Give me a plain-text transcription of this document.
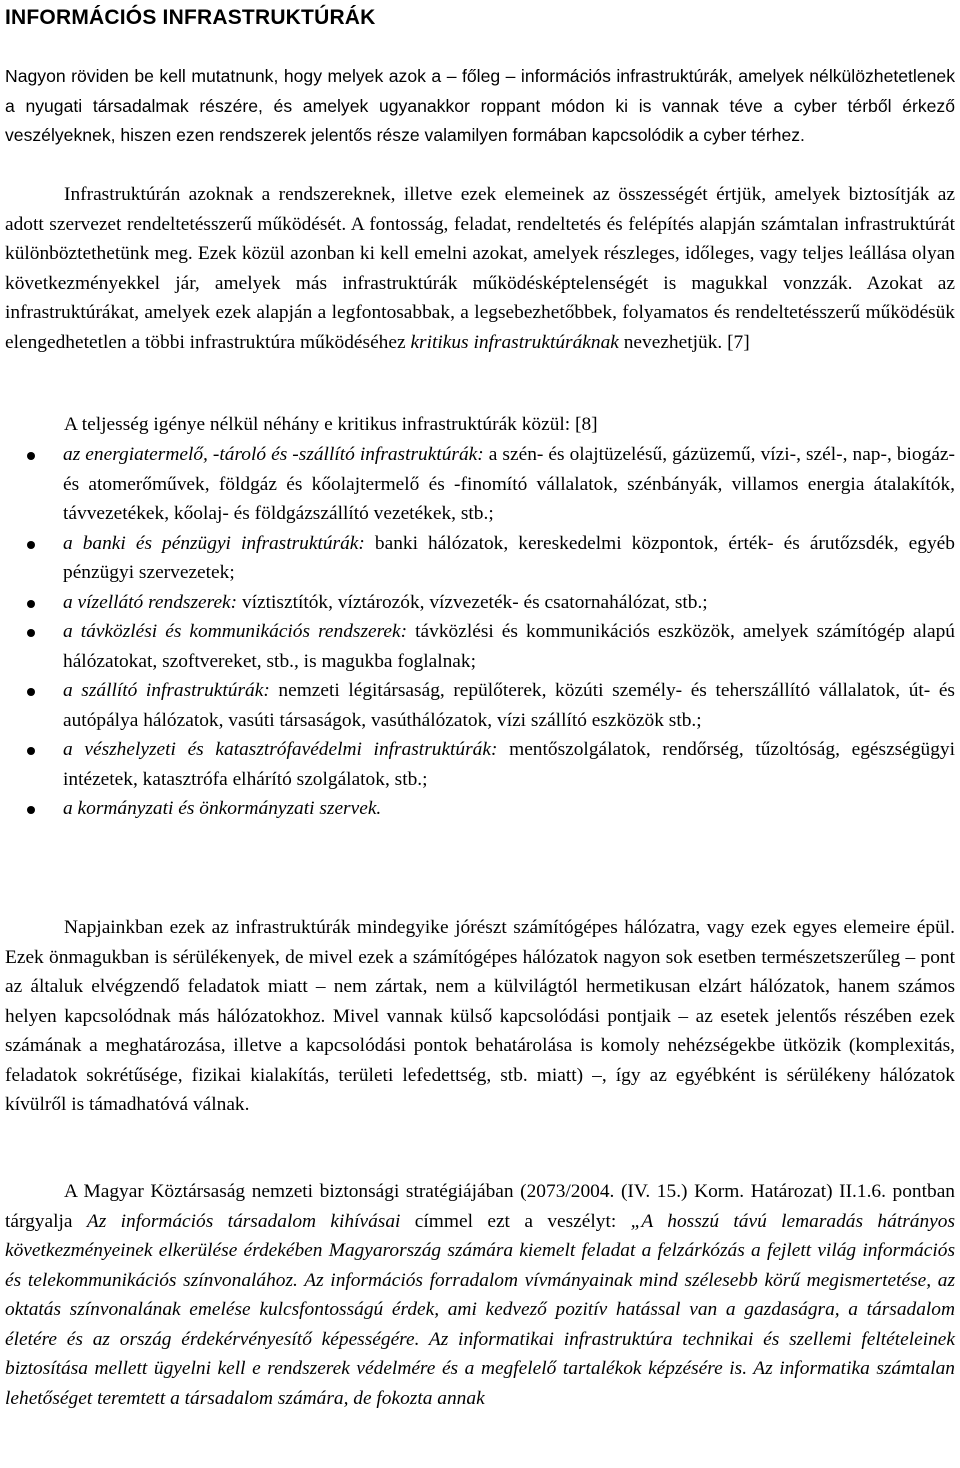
INFORMÁCIÓS INFRASTRUKTÚRÁK

Nagyon röviden be kell mutatnunk, hogy melyek azok a – főleg – információs infrastruktúrák, amelyek nélkülözhetetlenek a nyugati társadalmak részére, és amelyek ugyanakkor roppant módon ki is vannak téve a cyber térből érkező veszélyeknek, hiszen ezen rendszerek jelentős része valamilyen formában kapcsolódik a cyber térhez.

Infrastruktúrán azoknak a rendszereknek, illetve ezek elemeinek az összességét értjük, amelyek biztosítják az adott szervezet rendeltetésszerű működését. A fontosság, feladat, rendeltetés és felépítés alapján számtalan infrastruktúrát különböztethetünk meg. Ezek közül azonban ki kell emelni azokat, amelyek részleges, időleges, vagy teljes leállása olyan következményekkel jár, amelyek más infrastruktúrák működésképtelenségét is magukkal vonzzák. Azokat az infrastruktúrákat, amelyek ezek alapján a legfontosabbak, a legsebezhetőbbek, folyamatos és rendeltetésszerű működésük elengedhetetlen a többi infrastruktúra működéséhez kritikus infrastruktúráknak nevezhetjük. [7]

A teljesség igénye nélkül néhány e kritikus infrastruktúrák közül: [8]

az energiatermelő, -tároló és -szállító infrastruktúrák: a szén- és olajtüzelésű, gázüzemű, vízi-, szél-, nap-, biogáz- és atomerőművek, földgáz és kőolajtermelő és -finomító vállalatok, szénbányák, villamos energia átalakítók, távvezetékek, kőolaj- és földgázszállító vezetékek, stb.;
a banki és pénzügyi infrastruktúrák: banki hálózatok, kereskedelmi központok, érték- és árutőzsdék, egyéb pénzügyi szervezetek;
a vízellátó rendszerek: víztisztítók, víztározók, vízvezeték- és csatornahálózat, stb.;
a távközlési és kommunikációs rendszerek: távközlési és kommunikációs eszközök, amelyek számítógép alapú hálózatokat, szoftvereket, stb., is magukba foglalnak;
a szállító infrastruktúrák: nemzeti légitársaság, repülőterek, közúti személy- és teherszállító vállalatok, út- és autópálya hálózatok, vasúti társaságok, vasúthálózatok, vízi szállító eszközök stb.;
a vészhelyzeti és katasztrófavédelmi infrastruktúrák: mentőszolgálatok, rendőrség, tűzoltóság, egészségügyi intézetek, katasztrófa elhárító szolgálatok, stb.;
a kormányzati és önkormányzati szervek.

Napjainkban ezek az infrastruktúrák mindegyike jórészt számítógépes hálózatra, vagy ezek egyes elemeire épül. Ezek önmagukban is sérülékenyek, de mivel ezek a számítógépes hálózatok nagyon sok esetben természetszerűleg – pont az általuk elvégzendő feladatok miatt – nem zártak, nem a külvilágtól hermetikusan elzárt hálózatok, hanem számos helyen kapcsolódnak más hálózatokhoz. Mivel vannak külső kapcsolódási pontjaik – az esetek jelentős részében ezek számának a meghatározása, illetve a kapcsolódási pontok behatárolása is komoly nehézségekbe ütközik (komplexitás, feladatok sokrétűsége, fizikai kialakítás, területi lefedettség, stb. miatt) –, így az egyébként is sérülékeny hálózatok kívülről is támadhatóvá válnak.

A Magyar Köztársaság nemzeti biztonsági stratégiájában (2073/2004. (IV. 15.) Korm. Határozat) II.1.6. pontban tárgyalja Az információs társadalom kihívásai címmel ezt a veszélyt: „A hosszú távú lemaradás hátrányos következményeinek elkerülése érdekében Magyarország számára kiemelt feladat a felzárkózás a fejlett világ információs és telekommunikációs színvonalához. Az információs forradalom vívmányainak mind szélesebb körű megismertetése, az oktatás színvonalának emelése kulcsfontosságú érdek, ami kedvező pozitív hatással van a gazdaságra, a társadalom életére és az ország érdekérvényesítő képességére. Az informatikai infrastruktúra technikai és szellemi feltételeinek biztosítása mellett ügyelni kell e rendszerek védelmére és a megfelelő tartalékok képzésére is. Az informatika számtalan lehetőséget teremtett a társadalom számára, de fokozta annak
